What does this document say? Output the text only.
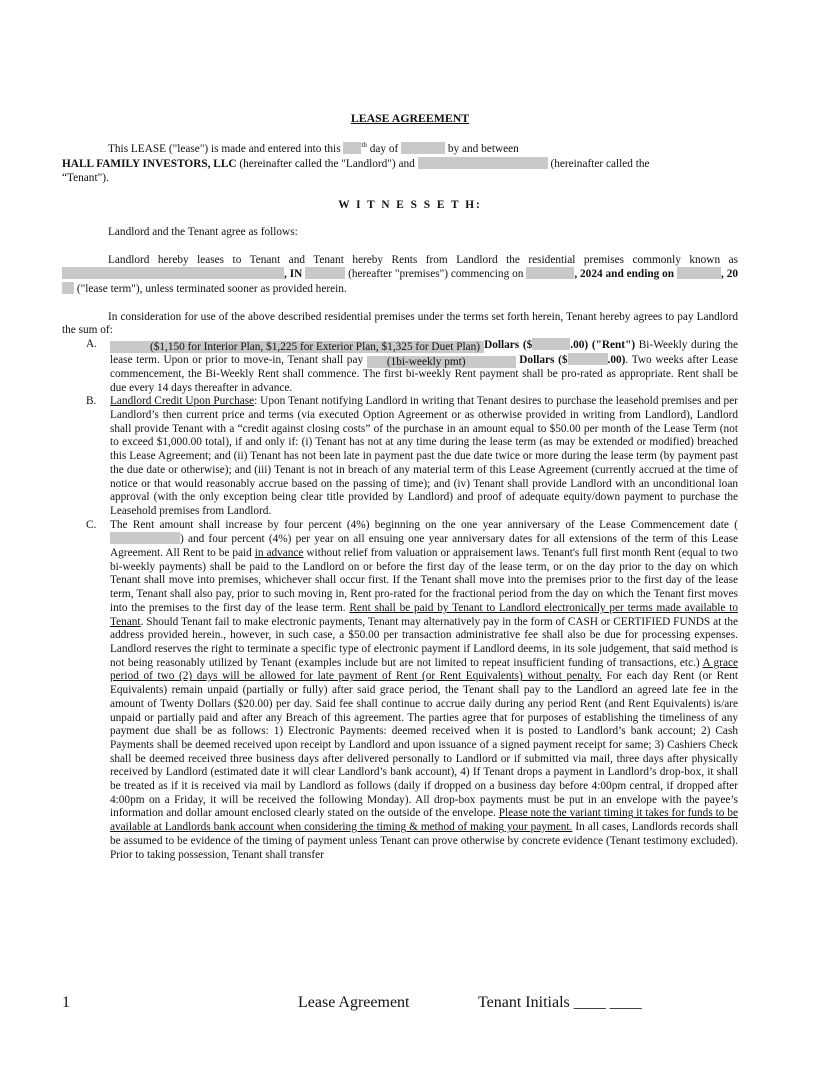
LEASE AGREEMENT

This LEASE ("lease") is made and entered into this	$^{th}$ day of	by and between

HALL FAMILY INVESTORS, LLC (hereinafter called the "Landlord") and	(hereinafter called the

“Tenant").

W I T N E S S E T H:

Landlord and the Tenant agree as follows:

Landlord hereby leases to Tenant and Tenant hereby Rents from Landlord the residential premises commonly known as , IN	(hereafter "premises") commencing on	, 2024 and ending on	, 20 ("lease term"), unless terminated sooner as provided herein.

In consideration for use of the above described residential premises under the terms set forth herein, Tenant hereby agrees to pay Landlord the sum of:

A.	($1,150 for Interior Plan, $1,225 for Exterior Plan, $1,325 for Duet Plan) Dollars ($	.00) ("Rent") Bi-Weekly during the lease term. Upon or prior to move-in, Tenant shall pay (1bi-weekly pmt)	Dollars ($	.00). Two weeks after Lease commencement, the Bi-Weekly Rent shall commence. The first bi-weekly Rent payment shall be pro-rated as appropriate. Rent shall be due every 14 days thereafter in advance.
B. Landlord Credit Upon Purchase: Upon Tenant notifying Landlord in writing that Tenant desires to purchase the leasehold premises and per Landlord’s then current price and terms (via executed Option Agreement or as otherwise provided in writing from Landlord), Landlord shall provide Tenant with a “credit against closing costs” of the purchase in an amount equal to $50.00 per month of the Lease Term (not to exceed $1,000.00 total), if and only if: (i) Tenant has not at any time during the lease term (as may be extended or modified) breached this Lease Agreement; and (ii) Tenant has not been late in payment past the due date twice or more during the lease term (by payment past the due date or otherwise); and (iii) Tenant is not in breach of any material term of this Lease Agreement (currently accrued at the time of notice or that would reasonably accrue based on the passing of time); and (iv) Tenant shall provide Landlord with an unconditional loan approval (with the only exception being clear title provided by Landlord) and proof of adequate equity/down payment to purchase the Leasehold premises from Landlord.
C. The Rent amount shall increase by four percent (4%) beginning on the one year anniversary of the Lease Commencement date () and four percent (4%) per year on all ensuing one year anniversary dates for all extensions of the term of this Lease Agreement. All Rent to be paid in advance without relief from valuation or appraisement laws. Tenant's full first month Rent (equal to two bi-weekly payments) shall be paid to the Landlord on or before the first day of the lease term, or on the day prior to the day on which Tenant shall move into premises, whichever shall occur first. If the Tenant shall move into the premises prior to the first day of the lease term, Tenant shall also pay, prior to such moving in, Rent pro-rated for the fractional period from the day on which the Tenant first moves into the premises to the first day of the lease term. Rent shall be paid by Tenant to Landlord electronically per terms made available to Tenant. Should Tenant fail to make electronic payments, Tenant may alternatively pay in the form of CASH or CERTIFIED FUNDS at the address provided herein., however, in such case, a $50.00 per transaction administrative fee shall also be due for processing expenses. Landlord reserves the right to terminate a specific type of electronic payment if Landlord deems, in its sole judgement, that said method is not being reasonably utilized by Tenant (examples include but are not limited to repeat insufficient funding of transactions, etc.) A grace period of two (2) days will be allowed for late payment of Rent (or Rent Equivalents) without penalty. For each day Rent (or Rent Equivalents) remain unpaid (partially or fully) after said grace period, the Tenant shall pay to the Landlord an agreed late fee in the amount of Twenty Dollars ($20.00) per day. Said fee shall continue to accrue daily during any period Rent (and Rent Equivalents) is/are unpaid or partially paid and after any Breach of this agreement. The parties agree that for purposes of establishing the timeliness of any payment due shall be as follows: 1) Electronic Payments: deemed received when it is posted to Landlord’s bank account; 2) Cash Payments shall be deemed received upon receipt by Landlord and upon issuance of a signed payment receipt for same; 3) Cashiers Check shall be deemed received three business days after delivered personally to Landlord or if submitted via mail, three days after physically received by Landlord (estimated date it will clear Landlord’s bank account), 4) If Tenant drops a payment in Landlord’s drop-box, it shall be treated as if it is received via mail by Landlord as follows (daily if dropped on a business day before 4:00pm central, if dropped after 4:00pm on a Friday, it will be received the following Monday). All drop-box payments must be put in an envelope with the payee’s information and dollar amount enclosed clearly stated on the outside of the envelope. Please note the variant timing it takes for funds to be available at Landlords bank account when considering the timing & method of making your payment. In all cases, Landlords records shall be assumed to be evidence of the timing of payment unless Tenant can prove otherwise by concrete evidence (Tenant testimony excluded). Prior to taking possession, Tenant shall transfer
1	Lease Agreement	Tenant Initials ____ ____
